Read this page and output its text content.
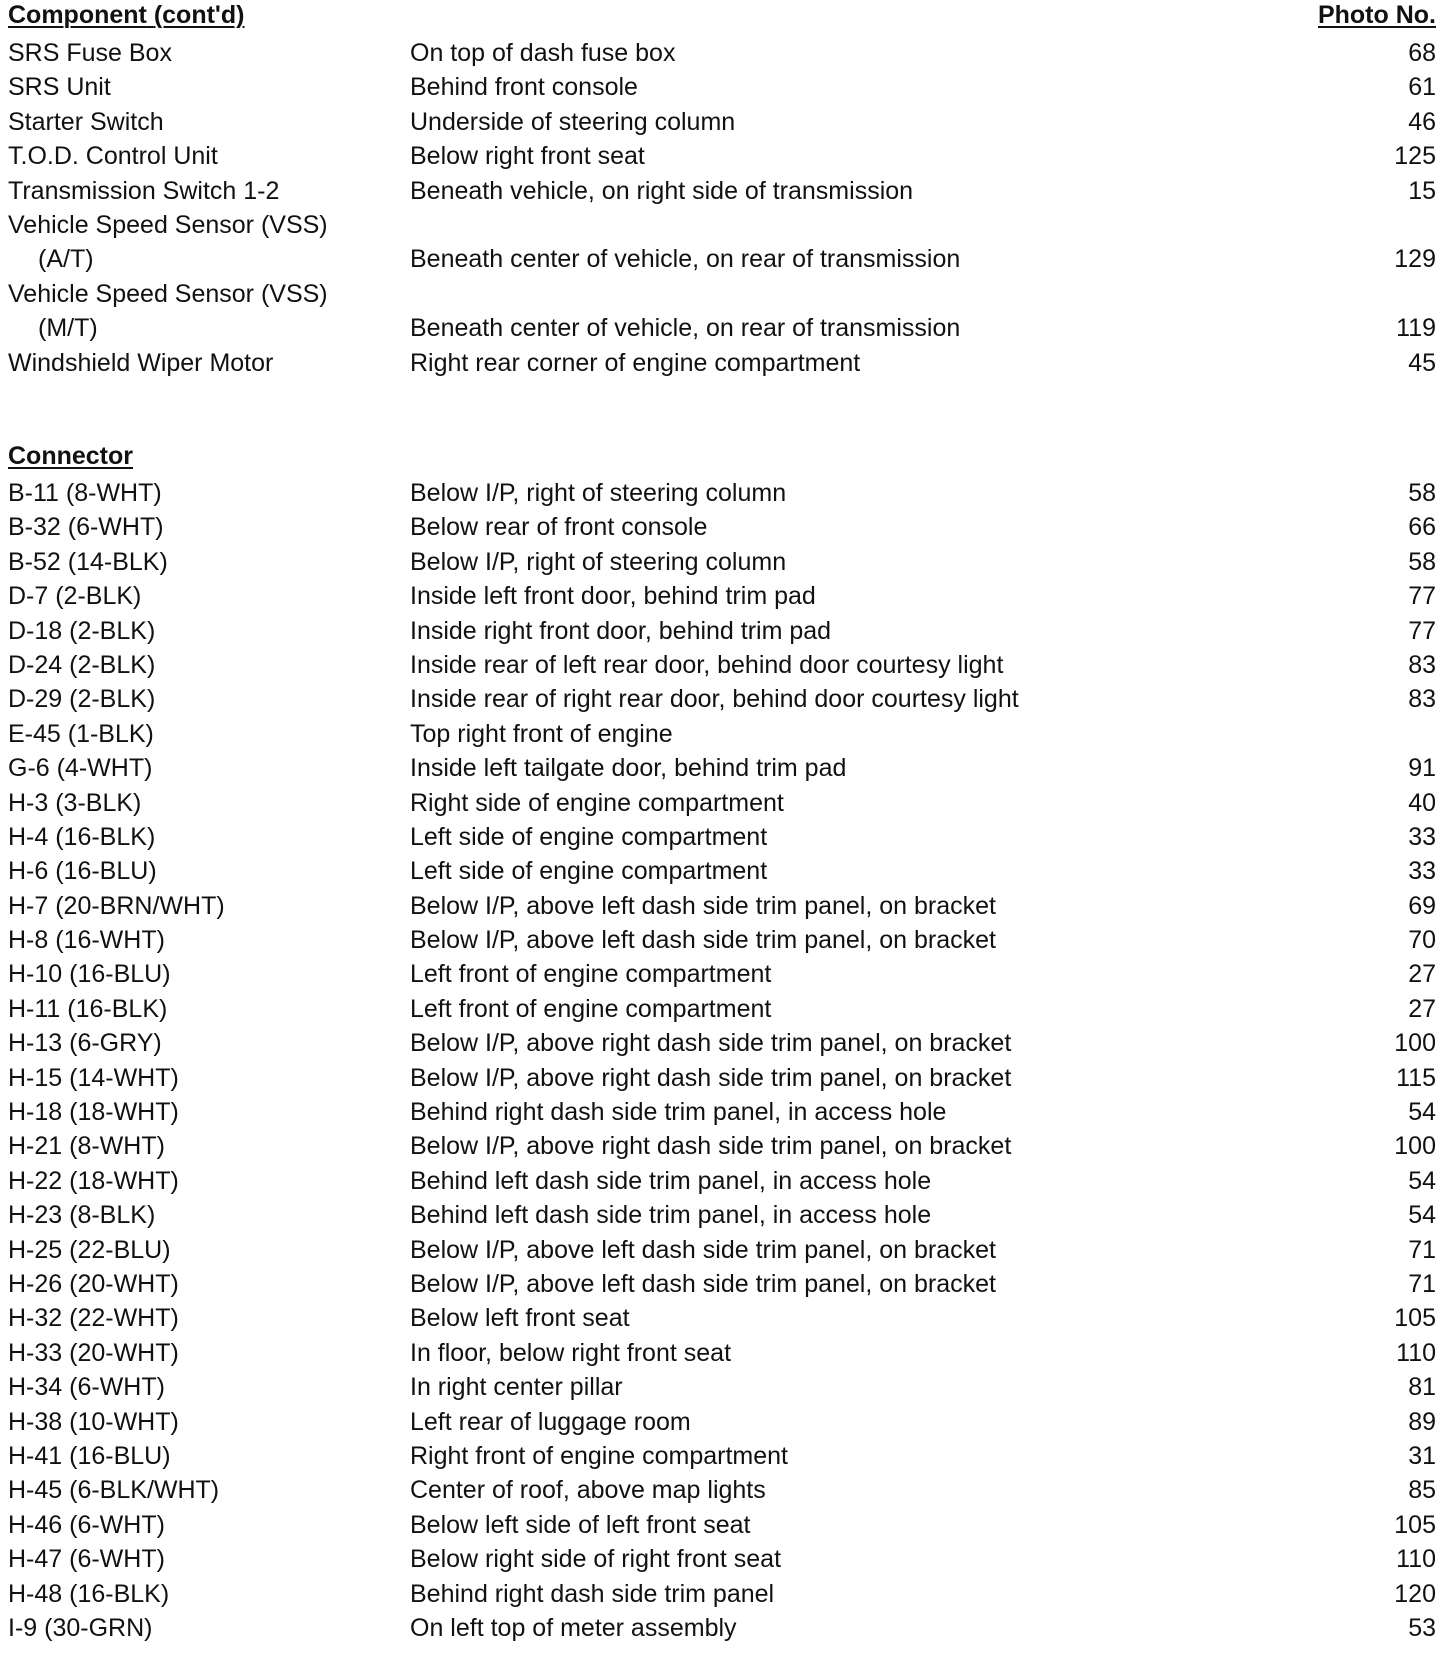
Component (cont'd)	Photo No.
SRS Fuse Box	On top of dash fuse box	68
SRS Unit	Behind front console	61
Starter Switch	Underside of steering column	46
T.O.D. Control Unit	Below right front seat	125
Transmission Switch 1-2	Beneath vehicle, on right side of transmission	15
Vehicle Speed Sensor (VSS)
(A/T)	Beneath center of vehicle, on rear of transmission	129
Vehicle Speed Sensor (VSS)
(M/T)	Beneath center of vehicle, on rear of transmission	119
Windshield Wiper Motor	Right rear corner of engine compartment	45
Connector
B-11 (8-WHT)	Below I/P, right of steering column	58
B-32 (6-WHT)	Below rear of front console	66
B-52 (14-BLK)	Below I/P, right of steering column	58
D-7 (2-BLK)	Inside left front door, behind trim pad	77
D-18 (2-BLK)	Inside right front door, behind trim pad	77
D-24 (2-BLK)	Inside rear of left rear door, behind door courtesy light	83
D-29 (2-BLK)	Inside rear of right rear door, behind door courtesy light	83
E-45 (1-BLK)	Top right front of engine
G-6 (4-WHT)	Inside left tailgate door, behind trim pad	91
H-3 (3-BLK)	Right side of engine compartment	40
H-4 (16-BLK)	Left side of engine compartment	33
H-6 (16-BLU)	Left side of engine compartment	33
H-7 (20-BRN/WHT)	Below I/P, above left dash side trim panel, on bracket	69
H-8 (16-WHT)	Below I/P, above left dash side trim panel, on bracket	70
H-10 (16-BLU)	Left front of engine compartment	27
H-11 (16-BLK)	Left front of engine compartment	27
H-13 (6-GRY)	Below I/P, above right dash side trim panel, on bracket	100
H-15 (14-WHT)	Below I/P, above right dash side trim panel, on bracket	115
H-18 (18-WHT)	Behind right dash side trim panel, in access hole	54
H-21 (8-WHT)	Below I/P, above right dash side trim panel, on bracket	100
H-22 (18-WHT)	Behind left dash side trim panel, in access hole	54
H-23 (8-BLK)	Behind left dash side trim panel, in access hole	54
H-25 (22-BLU)	Below I/P, above left dash side trim panel, on bracket	71
H-26 (20-WHT)	Below I/P, above left dash side trim panel, on bracket	71
H-32 (22-WHT)	Below left front seat	105
H-33 (20-WHT)	In floor, below right front seat	110
H-34 (6-WHT)	In right center pillar	81
H-38 (10-WHT)	Left rear of luggage room	89
H-41 (16-BLU)	Right front of engine compartment	31
H-45 (6-BLK/WHT)	Center of roof, above map lights	85
H-46 (6-WHT)	Below left side of left front seat	105
H-47 (6-WHT)	Below right side of right front seat	110
H-48 (16-BLK)	Behind right dash side trim panel	120
I-9 (30-GRN)	On left top of meter assembly	53
